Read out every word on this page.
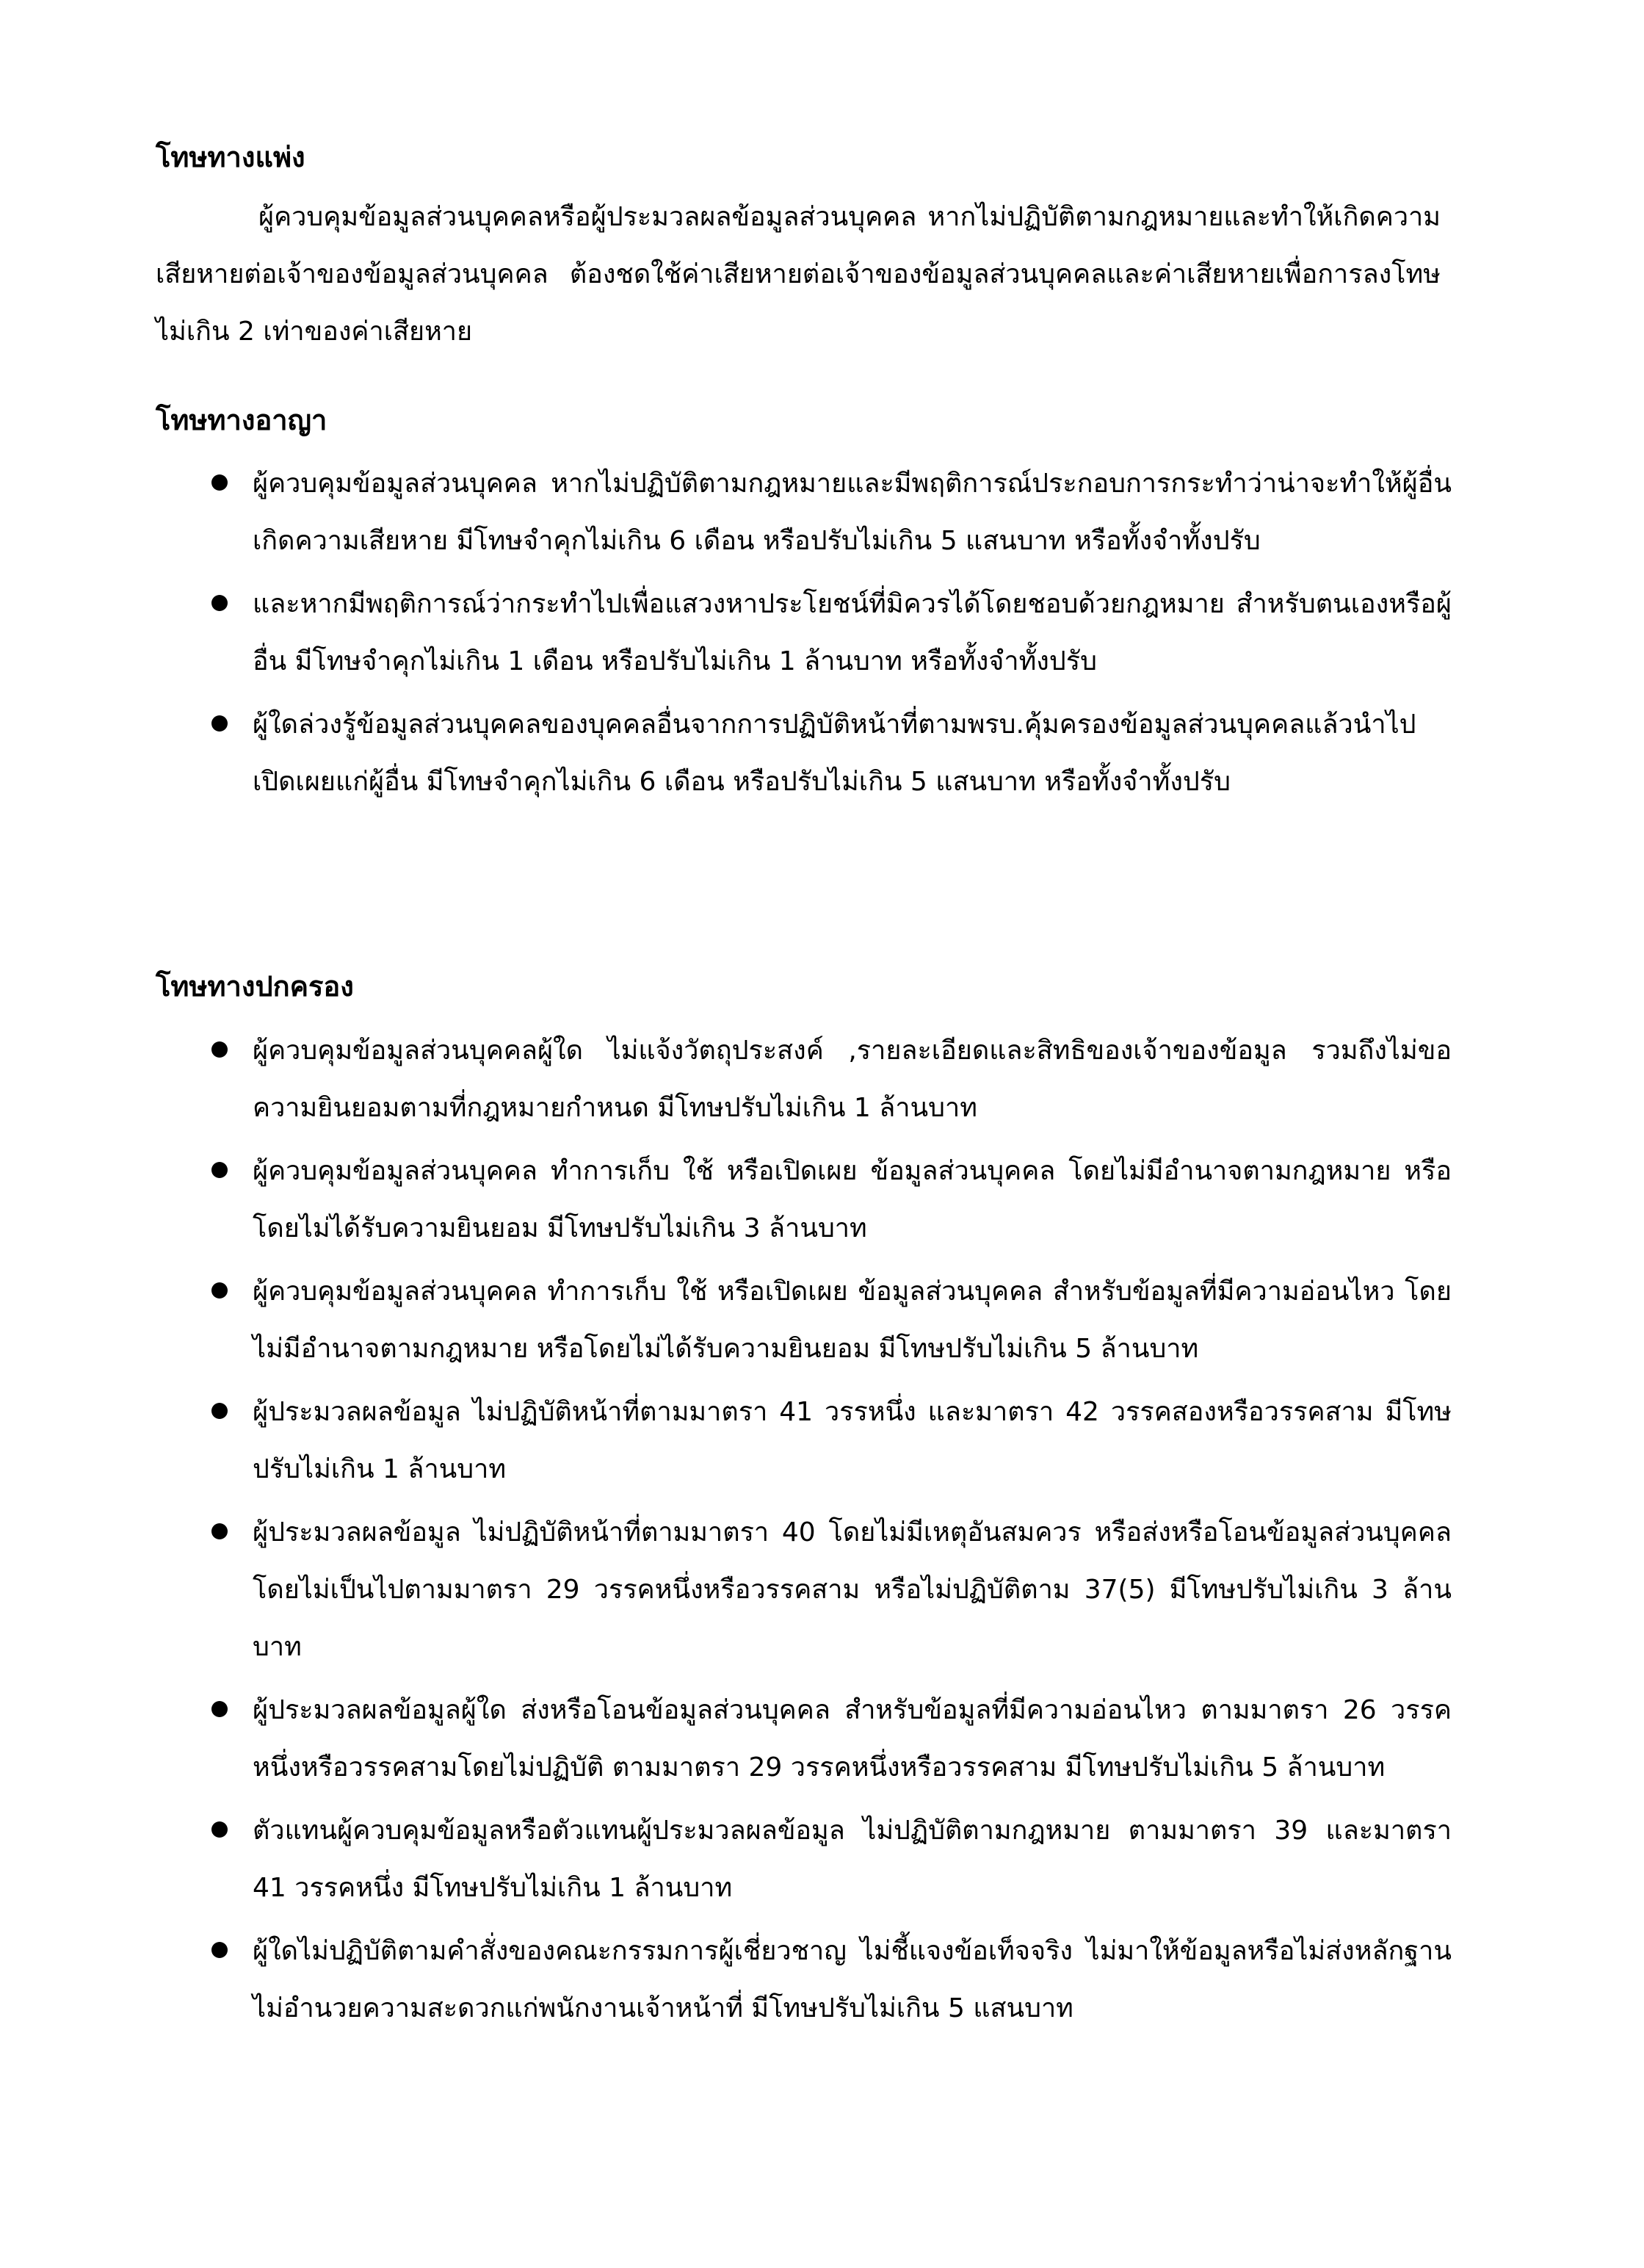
โทษทางแพ่ง

ผู้ควบคุมข้อมูลส่วนบุคคลหรือผู้ประมวลผลข้อมูลส่วนบุคคล หากไม่ปฏิบัติตามกฎหมายและทำให้เกิดความเสียหายต่อเจ้าของข้อมูลส่วนบุคคล ต้องชดใช้ค่าเสียหายต่อเจ้าของข้อมูลส่วนบุคคลและค่าเสียหายเพื่อการลงโทษ ไม่เกิน 2 เท่าของค่าเสียหาย

โทษทางอาญา
ผู้ควบคุมข้อมูลส่วนบุคคล หากไม่ปฏิบัติตามกฎหมายและมีพฤติการณ์ประกอบการกระทำว่าน่าจะทำให้ผู้อื่นเกิดความเสียหาย มีโทษจำคุกไม่เกิน 6 เดือน หรือปรับไม่เกิน 5 แสนบาท หรือทั้งจำทั้งปรับ
และหากมีพฤติการณ์ว่ากระทำไปเพื่อแสวงหาประโยชน์ที่มิควรได้โดยชอบด้วยกฎหมาย สำหรับตนเองหรือผู้อื่น มีโทษจำคุกไม่เกิน 1 เดือน หรือปรับไม่เกิน 1 ล้านบาท หรือทั้งจำทั้งปรับ
ผู้ใดล่วงรู้ข้อมูลส่วนบุคคลของบุคคลอื่นจากการปฏิบัติหน้าที่ตามพรบ.คุ้มครองข้อมูลส่วนบุคคลแล้วนำไปเปิดเผยแก่ผู้อื่น มีโทษจำคุกไม่เกิน 6 เดือน หรือปรับไม่เกิน 5 แสนบาท หรือทั้งจำทั้งปรับ
โทษทางปกครอง
ผู้ควบคุมข้อมูลส่วนบุคคลผู้ใด ไม่แจ้งวัตถุประสงค์ ,รายละเอียดและสิทธิของเจ้าของข้อมูล รวมถึงไม่ขอความยินยอมตามที่กฎหมายกำหนด มีโทษปรับไม่เกิน 1 ล้านบาท
ผู้ควบคุมข้อมูลส่วนบุคคล ทำการเก็บ ใช้ หรือเปิดเผย ข้อมูลส่วนบุคคล โดยไม่มีอำนาจตามกฎหมาย หรือโดยไม่ได้รับความยินยอม มีโทษปรับไม่เกิน 3 ล้านบาท
ผู้ควบคุมข้อมูลส่วนบุคคล ทำการเก็บ ใช้ หรือเปิดเผย ข้อมูลส่วนบุคคล สำหรับข้อมูลที่มีความอ่อนไหว โดยไม่มีอำนาจตามกฎหมาย หรือโดยไม่ได้รับความยินยอม มีโทษปรับไม่เกิน 5 ล้านบาท
ผู้ประมวลผลข้อมูล ไม่ปฏิบัติหน้าที่ตามมาตรา 41 วรรหนึ่ง และมาตรา 42 วรรคสองหรือวรรคสาม มีโทษปรับไม่เกิน 1 ล้านบาท
ผู้ประมวลผลข้อมูล ไม่ปฏิบัติหน้าที่ตามมาตรา 40 โดยไม่มีเหตุอันสมควร หรือส่งหรือโอนข้อมูลส่วนบุคคล โดยไม่เป็นไปตามมาตรา 29 วรรคหนึ่งหรือวรรคสาม หรือไม่ปฏิบัติตาม 37(5) มีโทษปรับไม่เกิน 3 ล้านบาท
ผู้ประมวลผลข้อมูลผู้ใด ส่งหรือโอนข้อมูลส่วนบุคคล สำหรับข้อมูลที่มีความอ่อนไหว ตามมาตรา 26 วรรคหนึ่งหรือวรรคสามโดยไม่ปฏิบัติ ตามมาตรา 29 วรรคหนึ่งหรือวรรคสาม มีโทษปรับไม่เกิน 5 ล้านบาท
ตัวแทนผู้ควบคุมข้อมูลหรือตัวแทนผู้ประมวลผลข้อมูล ไม่ปฏิบัติตามกฎหมาย ตามมาตรา 39 และมาตรา 41 วรรคหนึ่ง มีโทษปรับไม่เกิน 1 ล้านบาท
ผู้ใดไม่ปฏิบัติตามคำสั่งของคณะกรรมการผู้เชี่ยวชาญ ไม่ชี้แจงข้อเท็จจริง ไม่มาให้ข้อมูลหรือไม่ส่งหลักฐาน ไม่อำนวยความสะดวกแก่พนักงานเจ้าหน้าที่ มีโทษปรับไม่เกิน 5 แสนบาท
